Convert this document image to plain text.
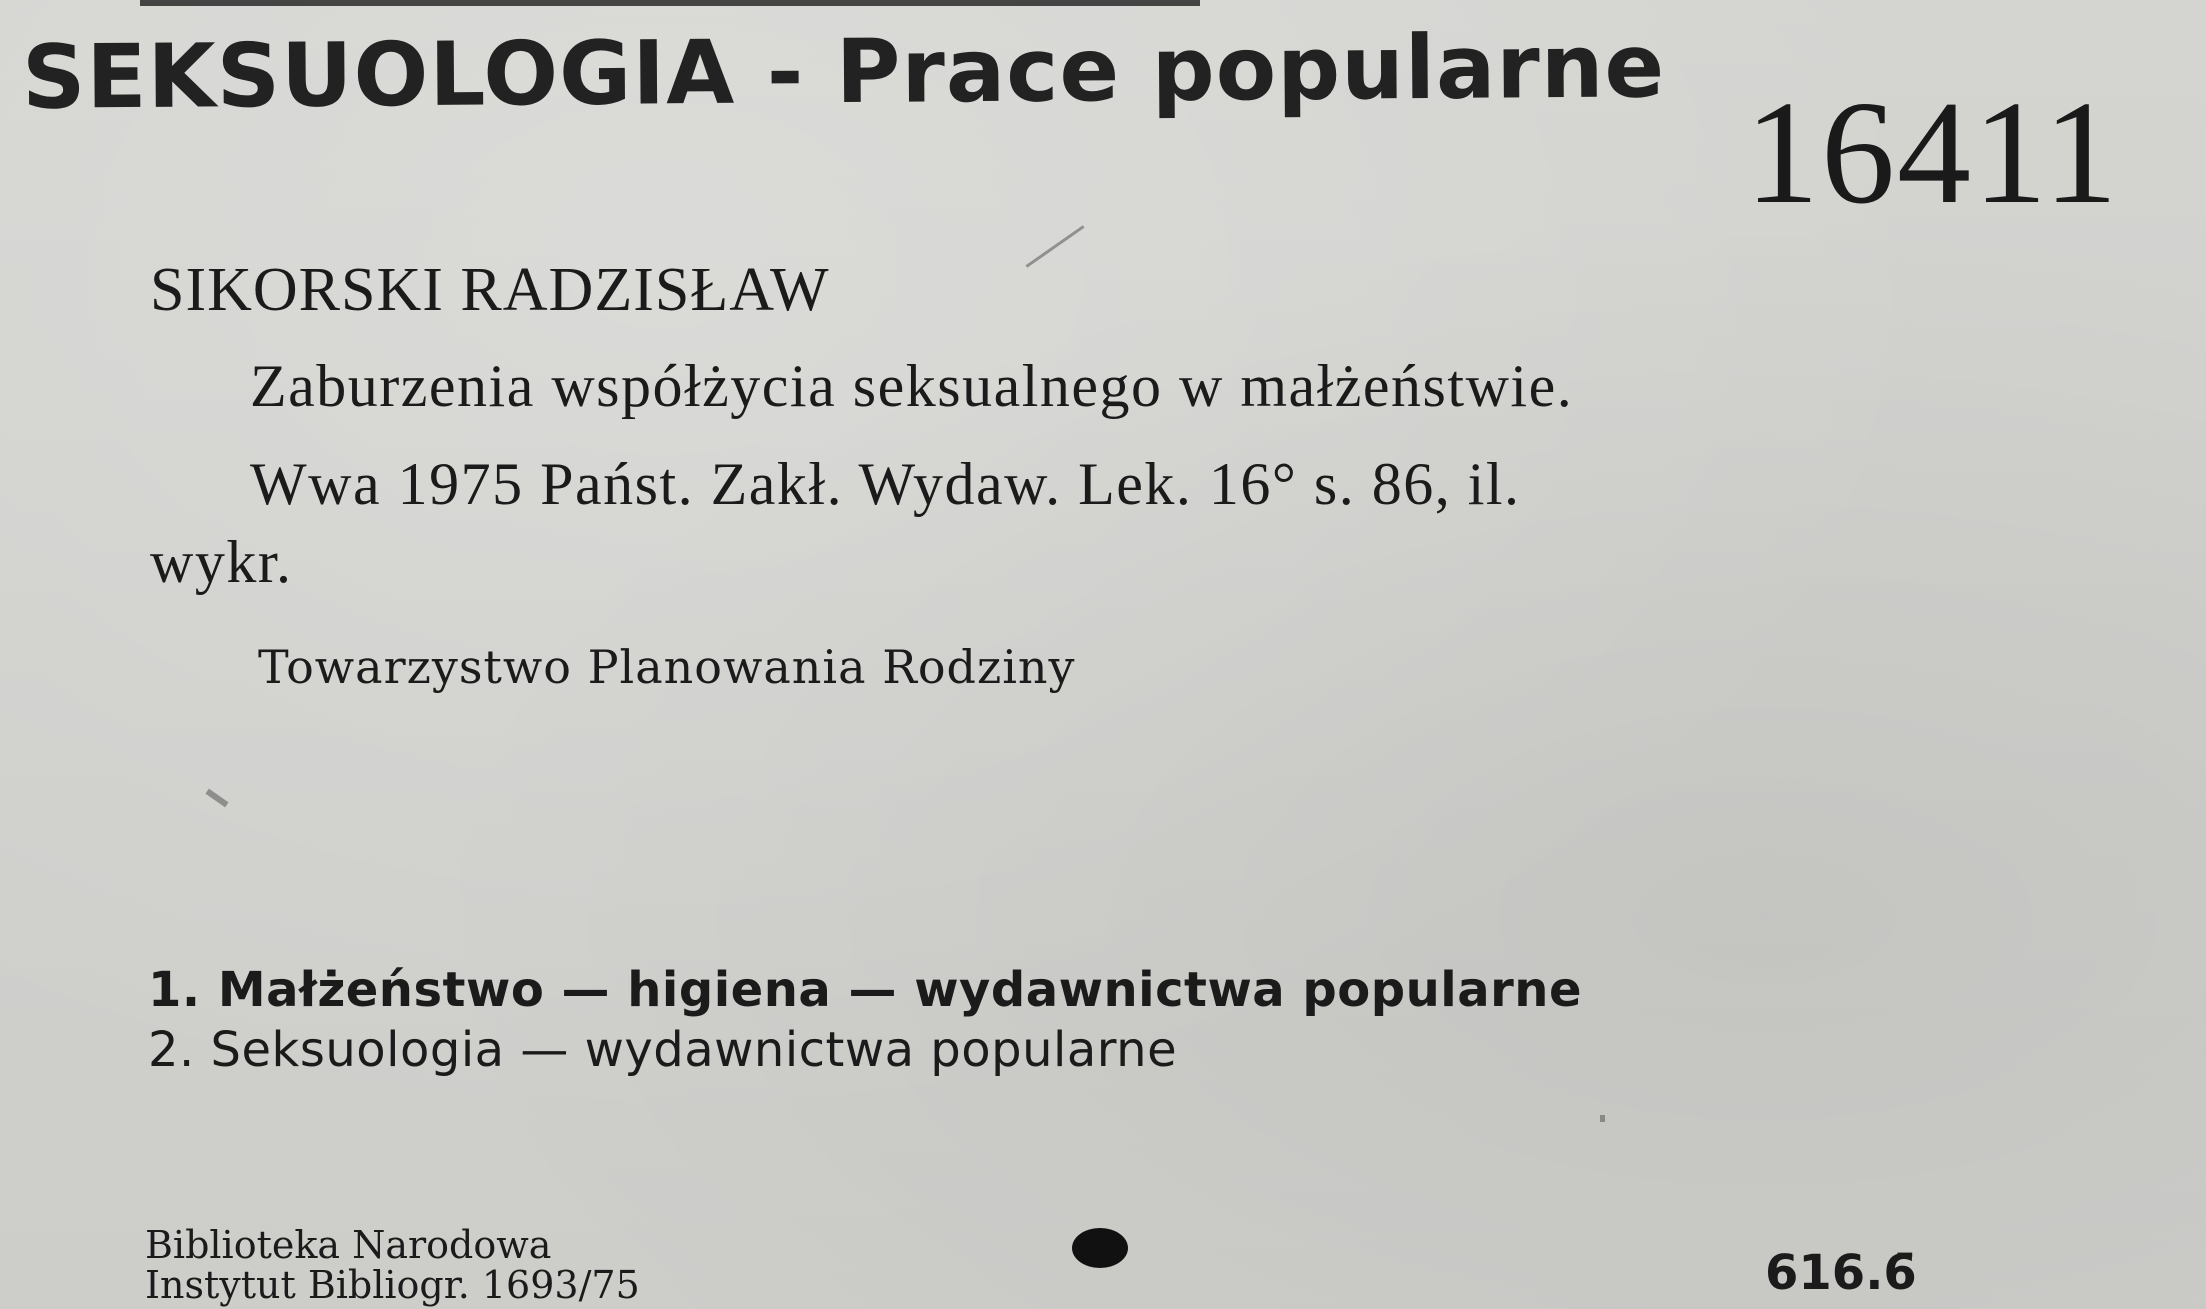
SEKSUOLOGIA - Prace popularne 16411
SIKORSKI RADZISŁAW
Zaburzenia współżycia seksualnego w małżeństwie.
Wwa 1975 Państ. Zakł. Wydaw. Lek. 16° s. 86, il.
wykr.
Towarzystwo Planowania Rodziny
1. Małżeństwo — higiena — wydawnictwa popularne
2. Seksuologia — wydawnictwa popularne
Biblioteka Narodowa
Instytut Bibliogr. 1693/75	616.6̄
